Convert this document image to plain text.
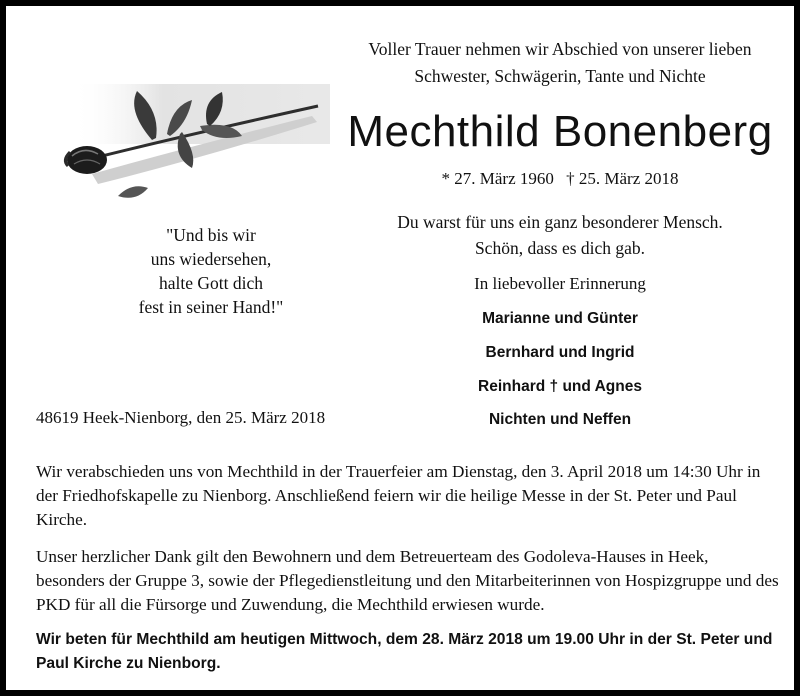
Voller Trauer nehmen wir Abschied von unserer lieben
Schwester, Schwägerin, Tante und Nichte
Mechthild Bonenberg
* 27. März 1960 † 25. März 2018
Du warst für uns ein ganz besonderer Mensch.
Schön, dass es dich gab.
In liebevoller Erinnerung
Marianne und Günter
Bernhard und Ingrid
Reinhard † und Agnes
Nichten und Neffen
"Und bis wir
uns wiedersehen,
halte Gott dich
fest in seiner Hand!"
48619 Heek-Nienborg, den 25. März 2018
Wir verabschieden uns von Mechthild in der Trauerfeier am Dienstag, den 3. April 2018 um 14:30 Uhr in der Friedhofskapelle zu Nienborg. Anschließend feiern wir die heilige Messe in der St. Peter und Paul Kirche.
Unser herzlicher Dank gilt den Bewohnern und dem Betreuerteam des Godoleva-Hauses in Heek, besonders der Gruppe 3, sowie der Pflegedienstleitung und den Mitarbeiterinnen von Hospizgruppe und des PKD für all die Fürsorge und Zuwendung, die Mechthild erwiesen wurde.
Wir beten für Mechthild am heutigen Mittwoch, dem 28. März 2018 um 19.00 Uhr in der St. Peter und Paul Kirche zu Nienborg.
